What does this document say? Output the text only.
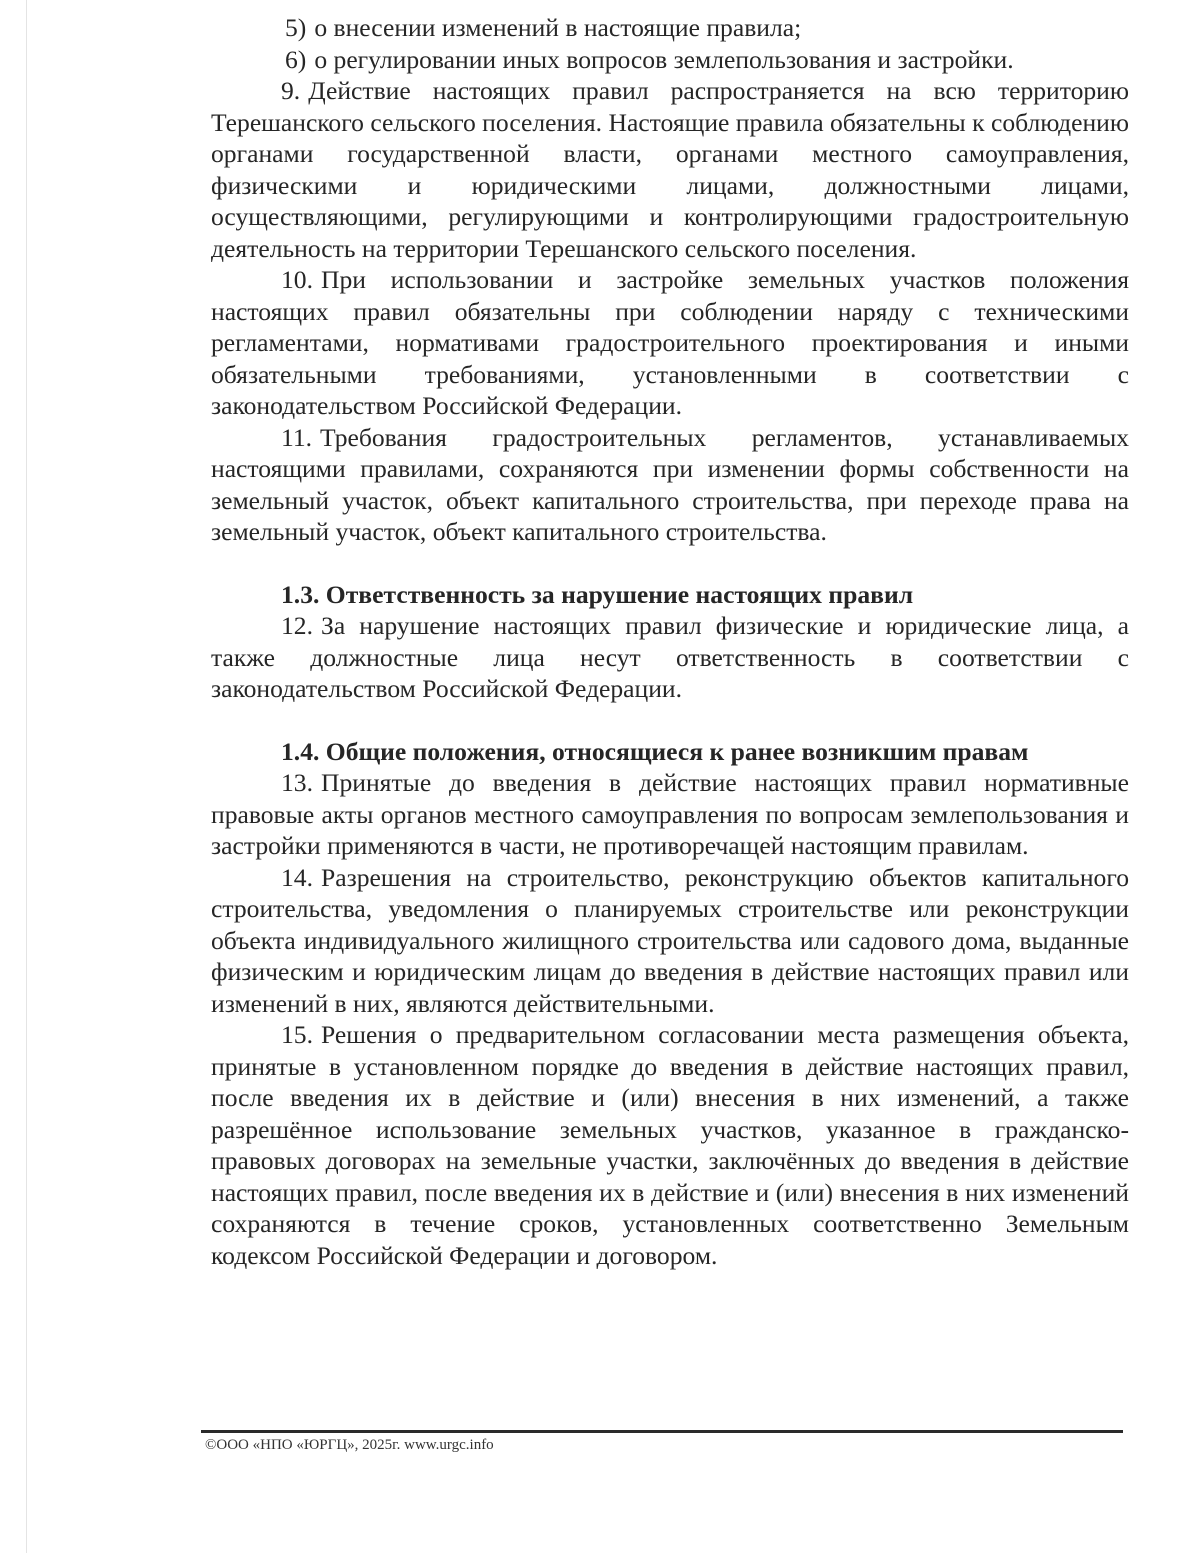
5) о внесении изменений в настоящие правила;

6) о регулировании иных вопросов землепользования и застройки.

9. Действие настоящих правил распространяется на всю территорию Терешанского сельского поселения. Настоящие правила обязательны к соблюдению органами государственной власти, органами местного самоуправления, физическими и юридическими лицами, должностными лицами, осуществляющими, регулирующими и контролирующими градостроительную деятельность на территории Терешанского сельского поселения.

10. При использовании и застройке земельных участков положения настоящих правил обязательны при соблюдении наряду с техническими регламентами, нормативами градостроительного проектирования и иными обязательными требованиями, установленными в соответствии с законодательством Российской Федерации.

11. Требования градостроительных регламентов, устанавливаемых настоящими правилами, сохраняются при изменении формы собственности на земельный участок, объект капитального строительства, при переходе права на земельный участок, объект капитального строительства.

1.3. Ответственность за нарушение настоящих правил

12. За нарушение настоящих правил физические и юридические лица, а также должностные лица несут ответственность в соответствии с законодательством Российской Федерации.

1.4. Общие положения, относящиеся к ранее возникшим правам

13. Принятые до введения в действие настоящих правил нормативные правовые акты органов местного самоуправления по вопросам землепользования и застройки применяются в части, не противоречащей настоящим правилам.

14. Разрешения на строительство, реконструкцию объектов капитального строительства, уведомления о планируемых строительстве или реконструкции объекта индивидуального жилищного строительства или садового дома, выданные физическим и юридическим лицам до введения в действие настоящих правил или изменений в них, являются действительными.

15. Решения о предварительном согласовании места размещения объекта, принятые в установленном порядке до введения в действие настоящих правил, после введения их в действие и (или) внесения в них изменений, а также разрешённое использование земельных участков, указанное в гражданско-правовых договорах на земельные участки, заключённых до введения в действие настоящих правил, после введения их в действие и (или) внесения в них изменений сохраняются в течение сроков, установленных соответственно Земельным кодексом Российской Федерации и договором.

©ООО «НПО «ЮРГЦ», 2025г. www.urgc.info
